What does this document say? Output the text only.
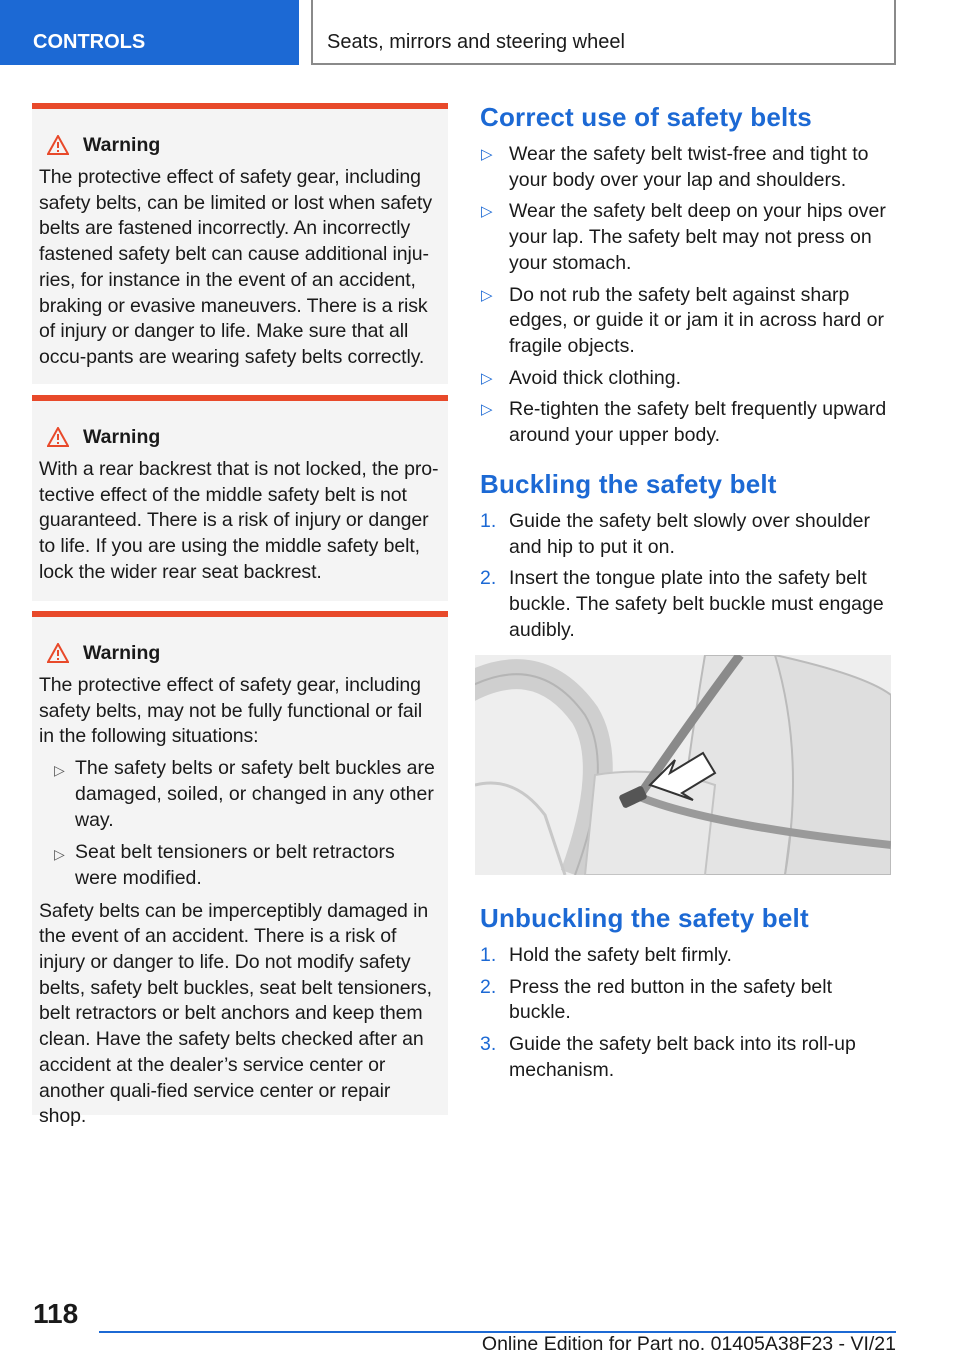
CONTROLS	Seats, mirrors and steering wheel
Warning

The protective effect of safety gear, including safety belts, can be limited or lost when safety belts are fastened incorrectly. An incorrectly fastened safety belt can cause additional inju-ries, for instance in the event of an accident, braking or evasive maneuvers. There is a risk of injury or danger to life. Make sure that all occu-pants are wearing safety belts correctly.

Warning

With a rear backrest that is not locked, the pro-tective effect of the middle safety belt is not guaranteed. There is a risk of injury or danger to life. If you are using the middle safety belt, lock the wider rear seat backrest.

Warning

The protective effect of safety gear, including safety belts, may not be fully functional or fail in the following situations:

▷ The safety belts or safety belt buckles are damaged, soiled, or changed in any other way.
▷ Seat belt tensioners or belt retractors were modified.

Safety belts can be imperceptibly damaged in the event of an accident. There is a risk of injury or danger to life. Do not modify safety belts, safety belt buckles, seat belt tensioners, belt retractors or belt anchors and keep them clean. Have the safety belts checked after an accident at the dealer’s service center or another quali-fied service center or repair shop.

Correct use of safety belts
▷ Wear the safety belt twist-free and tight to your body over your lap and shoulders.
▷ Wear the safety belt deep on your hips over your lap. The safety belt may not press on your stomach.
▷ Do not rub the safety belt against sharp edges, or guide it or jam it in across hard or fragile objects.
▷ Avoid thick clothing.
▷ Re-tighten the safety belt frequently upward around your upper body.
Buckling the safety belt
1. Guide the safety belt slowly over shoulder and hip to put it on.
2. Insert the tongue plate into the safety belt buckle. The safety belt buckle must engage audibly.
Unbuckling the safety belt
1. Hold the safety belt firmly.
2. Press the red button in the safety belt buckle.
3. Guide the safety belt back into its roll-up mechanism.
118
Online Edition for Part no. 01405A38F23 - VI/21
